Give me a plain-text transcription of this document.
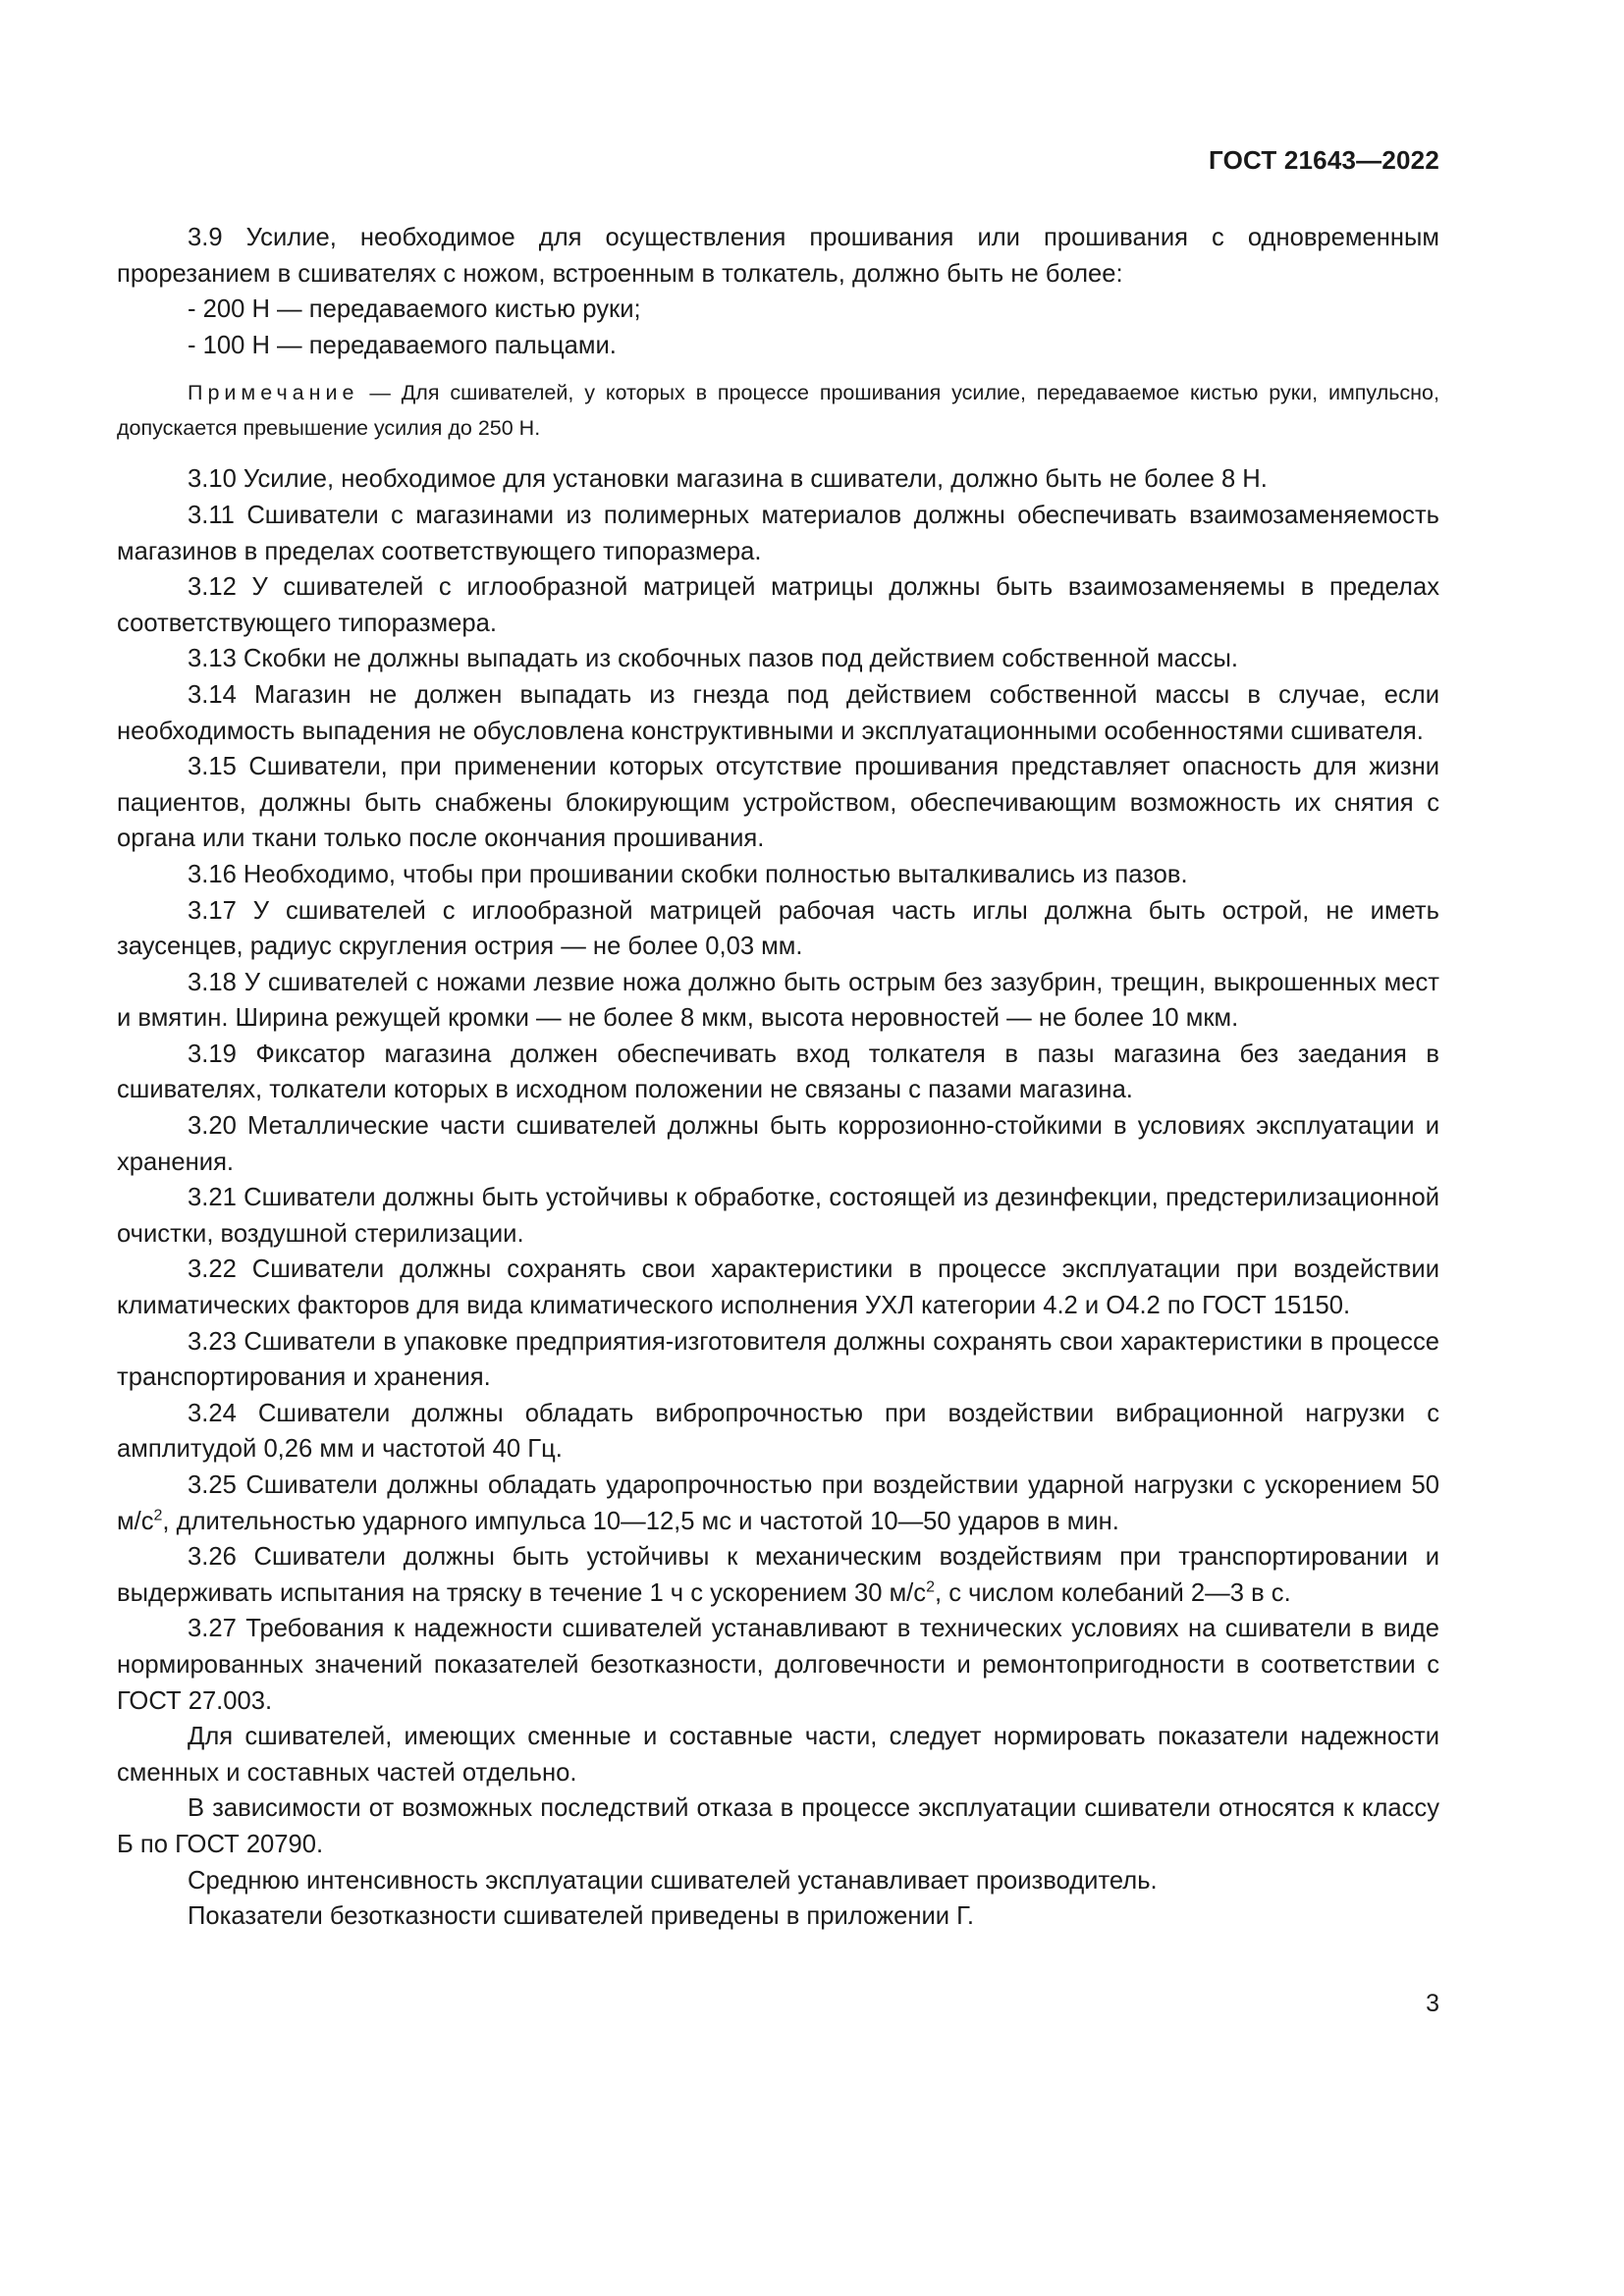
ГОСТ 21643—2022

3.9 Усилие, необходимое для осуществления прошивания или прошивания с одновременным прорезанием в сшивателях с ножом, встроенным в толкатель, должно быть не более:

- 200 Н — передаваемого кистью руки;

- 100 Н — передаваемого пальцами.

Примечание — Для сшивателей, у которых в процессе прошивания усилие, передаваемое кистью руки, импульсно, допускается превышение усилия до 250 Н.

3.10 Усилие, необходимое для установки магазина в сшиватели, должно быть не более 8 Н.

3.11 Сшиватели с магазинами из полимерных материалов должны обеспечивать взаимозаменяемость магазинов в пределах соответствующего типоразмера.

3.12 У сшивателей с иглообразной матрицей матрицы должны быть взаимозаменяемы в пределах соответствующего типоразмера.

3.13 Скобки не должны выпадать из скобочных пазов под действием собственной массы.

3.14 Магазин не должен выпадать из гнезда под действием собственной массы в случае, если необходимость выпадения не обусловлена конструктивными и эксплуатационными особенностями сшивателя.

3.15 Сшиватели, при применении которых отсутствие прошивания представляет опасность для жизни пациентов, должны быть снабжены блокирующим устройством, обеспечивающим возможность их снятия с органа или ткани только после окончания прошивания.

3.16 Необходимо, чтобы при прошивании скобки полностью выталкивались из пазов.

3.17 У сшивателей с иглообразной матрицей рабочая часть иглы должна быть острой, не иметь заусенцев, радиус скругления острия — не более 0,03 мм.

3.18 У сшивателей с ножами лезвие ножа должно быть острым без зазубрин, трещин, выкрошенных мест и вмятин. Ширина режущей кромки — не более 8 мкм, высота неровностей — не более 10 мкм.

3.19 Фиксатор магазина должен обеспечивать вход толкателя в пазы магазина без заедания в сшивателях, толкатели которых в исходном положении не связаны с пазами магазина.

3.20 Металлические части сшивателей должны быть коррозионно-стойкими в условиях эксплуатации и хранения.

3.21 Сшиватели должны быть устойчивы к обработке, состоящей из дезинфекции, предстерилизационной очистки, воздушной стерилизации.

3.22 Сшиватели должны сохранять свои характеристики в процессе эксплуатации при воздействии климатических факторов для вида климатического исполнения УХЛ категории 4.2 и О4.2 по ГОСТ 15150.

3.23 Сшиватели в упаковке предприятия-изготовителя должны сохранять свои характеристики в процессе транспортирования и хранения.

3.24 Сшиватели должны обладать вибропрочностью при воздействии вибрационной нагрузки с амплитудой 0,26 мм и частотой 40 Гц.

3.25 Сшиватели должны обладать ударопрочностью при воздействии ударной нагрузки с ускорением 50 $м/с^2$, длительностью ударного импульса 10—12,5 мс и частотой 10—50 ударов в мин.

3.26 Сшиватели должны быть устойчивы к механическим воздействиям при транспортировании и выдерживать испытания на тряску в течение 1 ч с ускорением 30 $м/с^2$, с числом колебаний 2—3 в с.

3.27 Требования к надежности сшивателей устанавливают в технических условиях на сшиватели в виде нормированных значений показателей безотказности, долговечности и ремонтопригодности в соответствии с ГОСТ 27.003.

Для сшивателей, имеющих сменные и составные части, следует нормировать показатели надежности сменных и составных частей отдельно.

В зависимости от возможных последствий отказа в процессе эксплуатации сшиватели относятся к классу Б по ГОСТ 20790.

Среднюю интенсивность эксплуатации сшивателей устанавливает производитель.

Показатели безотказности сшивателей приведены в приложении Г.

3
